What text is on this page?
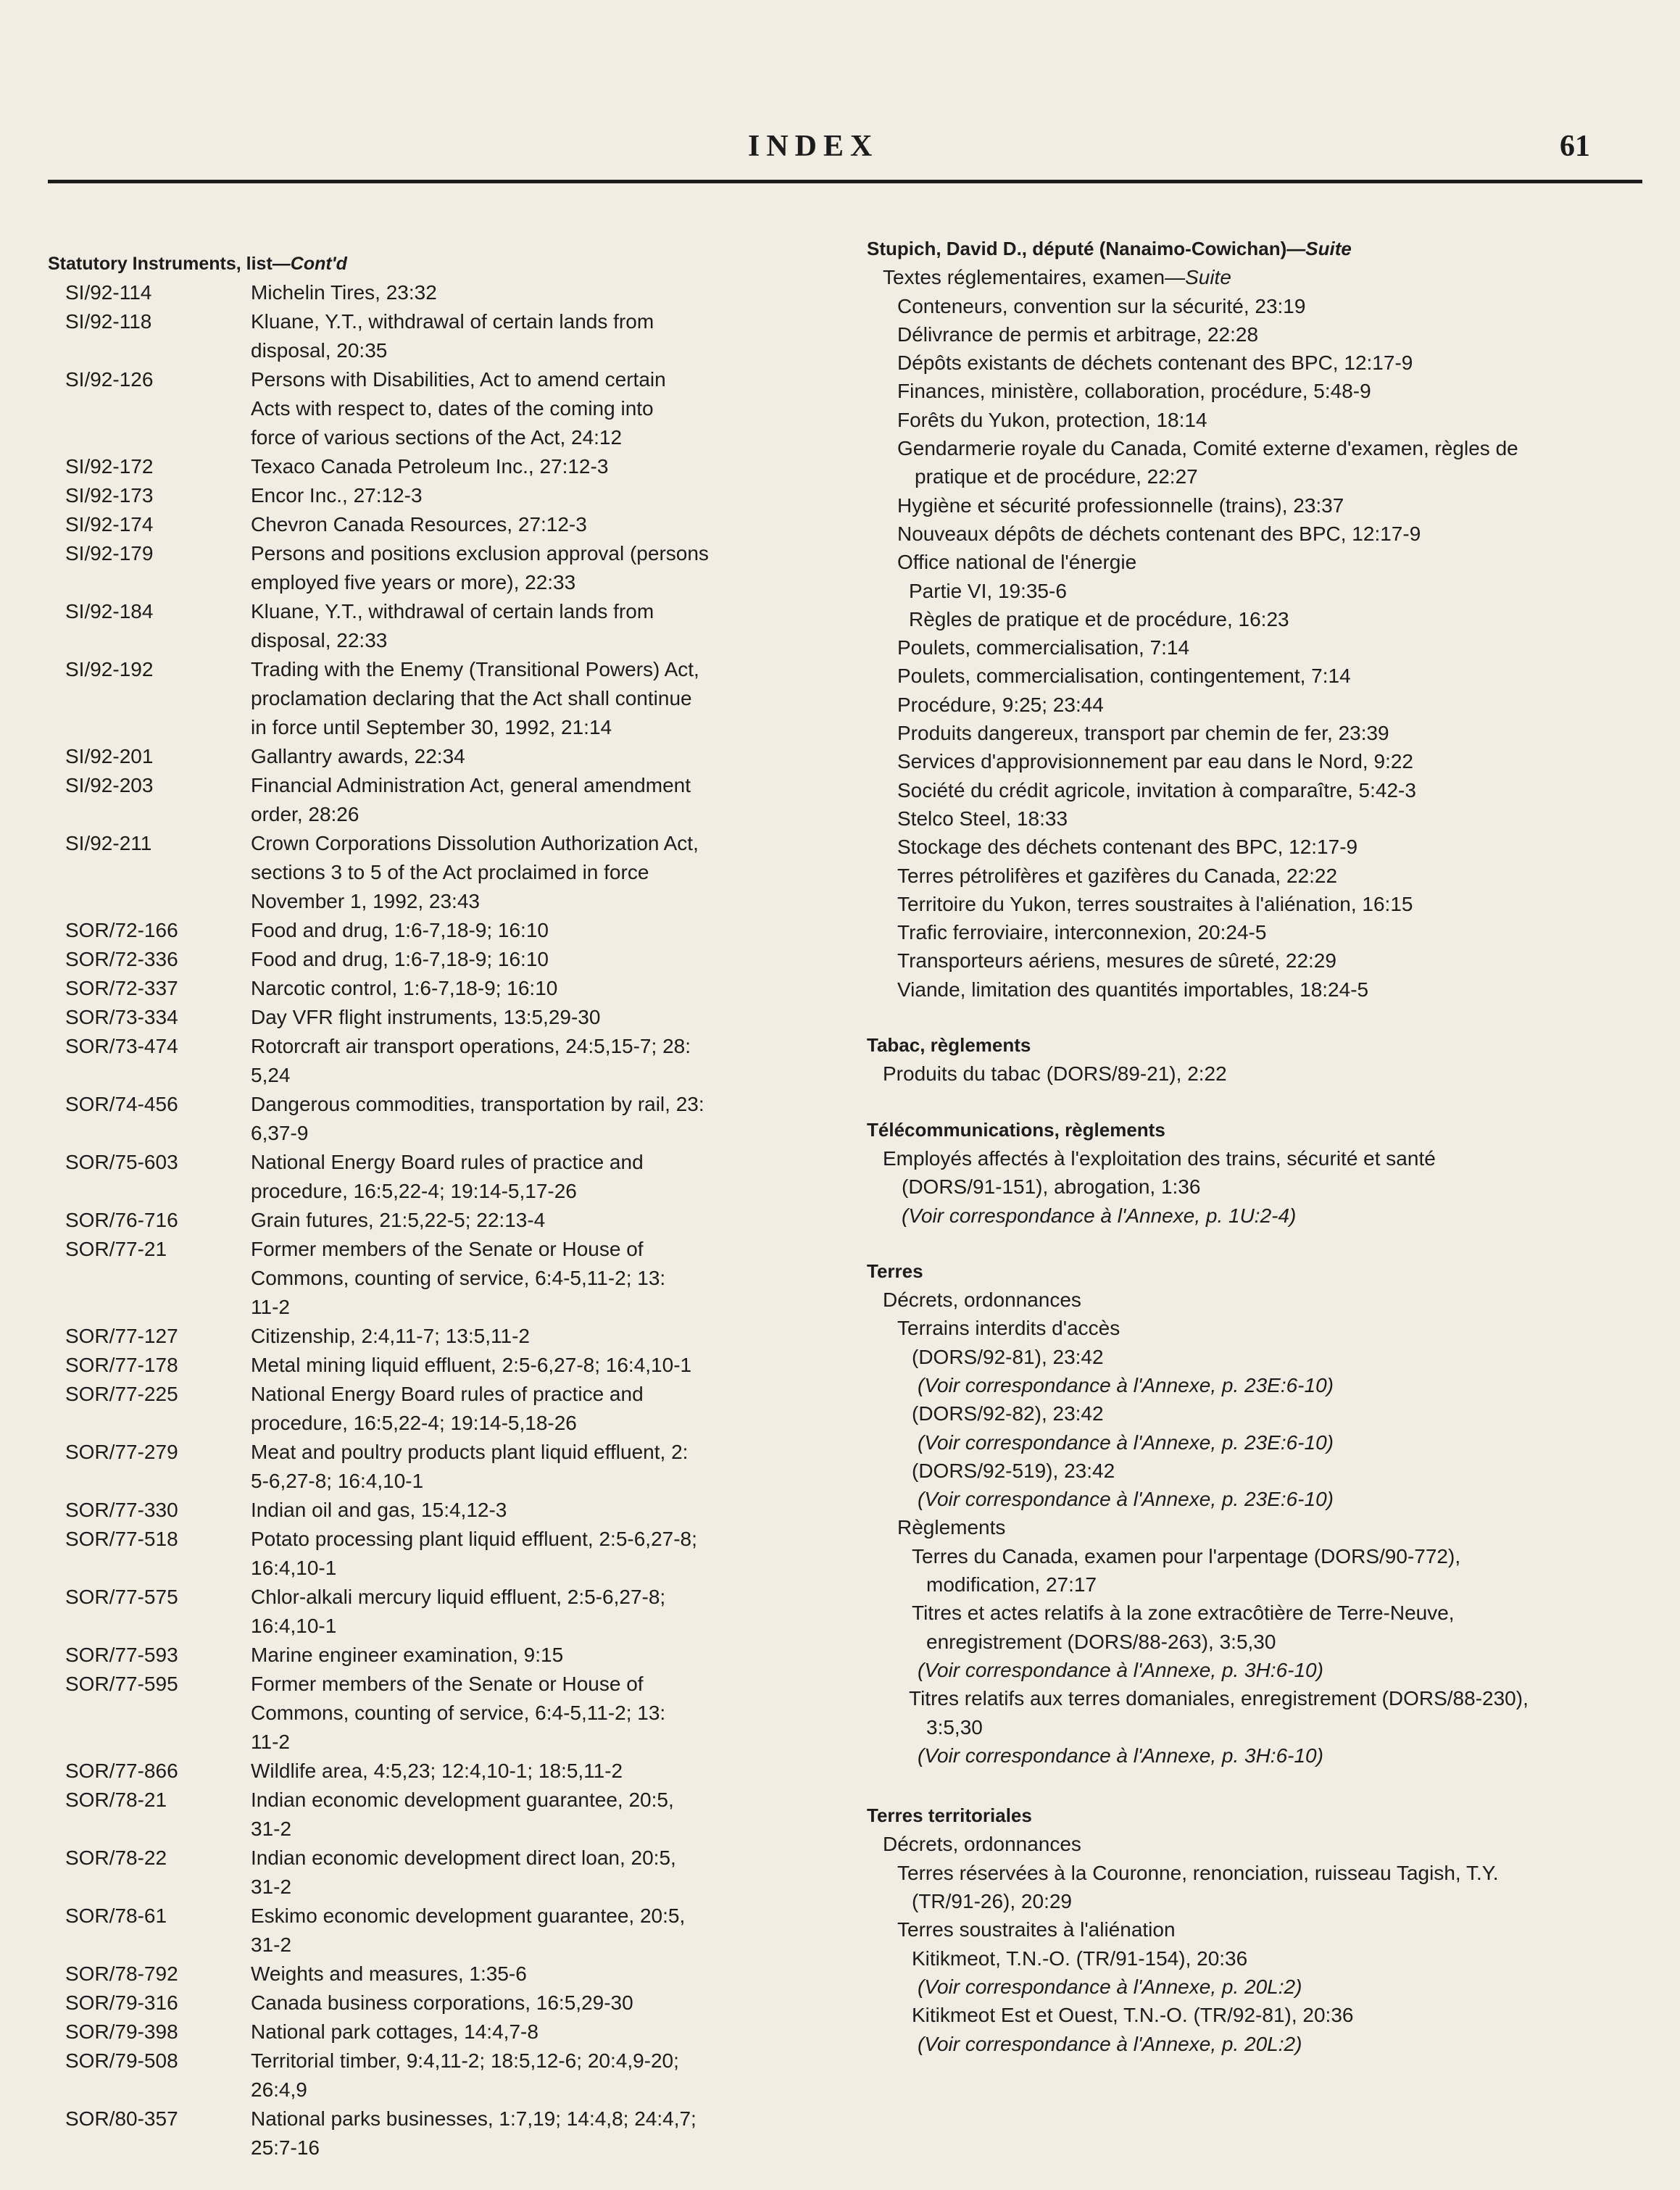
INDEX	61
Statutory Instruments, list—Cont'd
SI/92-114	Michelin Tires, 23:32
SI/92-118	Kluane, Y.T., withdrawal of certain lands from
disposal, 20:35
SI/92-126	Persons with Disabilities, Act to amend certain
Acts with respect to, dates of the coming into
force of various sections of the Act, 24:12
SI/92-172	Texaco Canada Petroleum Inc., 27:12-3
SI/92-173	Encor Inc., 27:12-3
SI/92-174	Chevron Canada Resources, 27:12-3
SI/92-179	Persons and positions exclusion approval (persons
employed five years or more), 22:33
SI/92-184	Kluane, Y.T., withdrawal of certain lands from
disposal, 22:33
SI/92-192	Trading with the Enemy (Transitional Powers) Act,
proclamation declaring that the Act shall continue
in force until September 30, 1992, 21:14
SI/92-201	Gallantry awards, 22:34
SI/92-203	Financial Administration Act, general amendment
order, 28:26
SI/92-211	Crown Corporations Dissolution Authorization Act,
sections 3 to 5 of the Act proclaimed in force
November 1, 1992, 23:43
SOR/72-166	Food and drug, 1:6-7,18-9; 16:10
SOR/72-336	Food and drug, 1:6-7,18-9; 16:10
SOR/72-337	Narcotic control, 1:6-7,18-9; 16:10
SOR/73-334	Day VFR flight instruments, 13:5,29-30
SOR/73-474	Rotorcraft air transport operations, 24:5,15-7; 28:
5,24
SOR/74-456	Dangerous commodities, transportation by rail, 23:
6,37-9
SOR/75-603	National Energy Board rules of practice and
procedure, 16:5,22-4; 19:14-5,17-26
SOR/76-716	Grain futures, 21:5,22-5; 22:13-4
SOR/77-21	Former members of the Senate or House of
Commons, counting of service, 6:4-5,11-2; 13:
11-2
SOR/77-127	Citizenship, 2:4,11-7; 13:5,11-2
SOR/77-178	Metal mining liquid effluent, 2:5-6,27-8; 16:4,10-1
SOR/77-225	National Energy Board rules of practice and
procedure, 16:5,22-4; 19:14-5,18-26
SOR/77-279	Meat and poultry products plant liquid effluent, 2:
5-6,27-8; 16:4,10-1
SOR/77-330	Indian oil and gas, 15:4,12-3
SOR/77-518	Potato processing plant liquid effluent, 2:5-6,27-8;
16:4,10-1
SOR/77-575	Chlor-alkali mercury liquid effluent, 2:5-6,27-8;
16:4,10-1
SOR/77-593	Marine engineer examination, 9:15
SOR/77-595	Former members of the Senate or House of
Commons, counting of service, 6:4-5,11-2; 13:
11-2
SOR/77-866	Wildlife area, 4:5,23; 12:4,10-1; 18:5,11-2
SOR/78-21	Indian economic development guarantee, 20:5,
31-2
SOR/78-22	Indian economic development direct loan, 20:5,
31-2
SOR/78-61	Eskimo economic development guarantee, 20:5,
31-2
SOR/78-792	Weights and measures, 1:35-6
SOR/79-316	Canada business corporations, 16:5,29-30
SOR/79-398	National park cottages, 14:4,7-8
SOR/79-508	Territorial timber, 9:4,11-2; 18:5,12-6; 20:4,9-20;
26:4,9
SOR/80-357	National parks businesses, 1:7,19; 14:4,8; 24:4,7;
25:7-16
Stupich, David D., député (Nanaimo-Cowichan)—Suite
Textes réglementaires, examen—Suite
Conteneurs, convention sur la sécurité, 23:19
Délivrance de permis et arbitrage, 22:28
Dépôts existants de déchets contenant des BPC, 12:17-9
Finances, ministère, collaboration, procédure, 5:48-9
Forêts du Yukon, protection, 18:14
Gendarmerie royale du Canada, Comité externe d'examen, règles de
pratique et de procédure, 22:27
Hygiène et sécurité professionnelle (trains), 23:37
Nouveaux dépôts de déchets contenant des BPC, 12:17-9
Office national de l'énergie
Partie VI, 19:35-6
Règles de pratique et de procédure, 16:23
Poulets, commercialisation, 7:14
Poulets, commercialisation, contingentement, 7:14
Procédure, 9:25; 23:44
Produits dangereux, transport par chemin de fer, 23:39
Services d'approvisionnement par eau dans le Nord, 9:22
Société du crédit agricole, invitation à comparaître, 5:42-3
Stelco Steel, 18:33
Stockage des déchets contenant des BPC, 12:17-9
Terres pétrolifères et gazifères du Canada, 22:22
Territoire du Yukon, terres soustraites à l'aliénation, 16:15
Trafic ferroviaire, interconnexion, 20:24-5
Transporteurs aériens, mesures de sûreté, 22:29
Viande, limitation des quantités importables, 18:24-5
Tabac, règlements
Produits du tabac (DORS/89-21), 2:22
Télécommunications, règlements
Employés affectés à l'exploitation des trains, sécurité et santé
(DORS/91-151), abrogation, 1:36
(Voir correspondance à l'Annexe, p. 1U:2-4)
Terres
Décrets, ordonnances
Terrains interdits d'accès
(DORS/92-81), 23:42
(Voir correspondance à l'Annexe, p. 23E:6-10)
(DORS/92-82), 23:42
(Voir correspondance à l'Annexe, p. 23E:6-10)
(DORS/92-519), 23:42
(Voir correspondance à l'Annexe, p. 23E:6-10)
Règlements
Terres du Canada, examen pour l'arpentage (DORS/90-772),
modification, 27:17
Titres et actes relatifs à la zone extracôtière de Terre-Neuve,
enregistrement (DORS/88-263), 3:5,30
(Voir correspondance à l'Annexe, p. 3H:6-10)
Titres relatifs aux terres domaniales, enregistrement (DORS/88-230),
3:5,30
(Voir correspondance à l'Annexe, p. 3H:6-10)
Terres territoriales
Décrets, ordonnances
Terres réservées à la Couronne, renonciation, ruisseau Tagish, T.Y.
(TR/91-26), 20:29
Terres soustraites à l'aliénation
Kitikmeot, T.N.-O. (TR/91-154), 20:36
(Voir correspondance à l'Annexe, p. 20L:2)
Kitikmeot Est et Ouest, T.N.-O. (TR/92-81), 20:36
(Voir correspondance à l'Annexe, p. 20L:2)
